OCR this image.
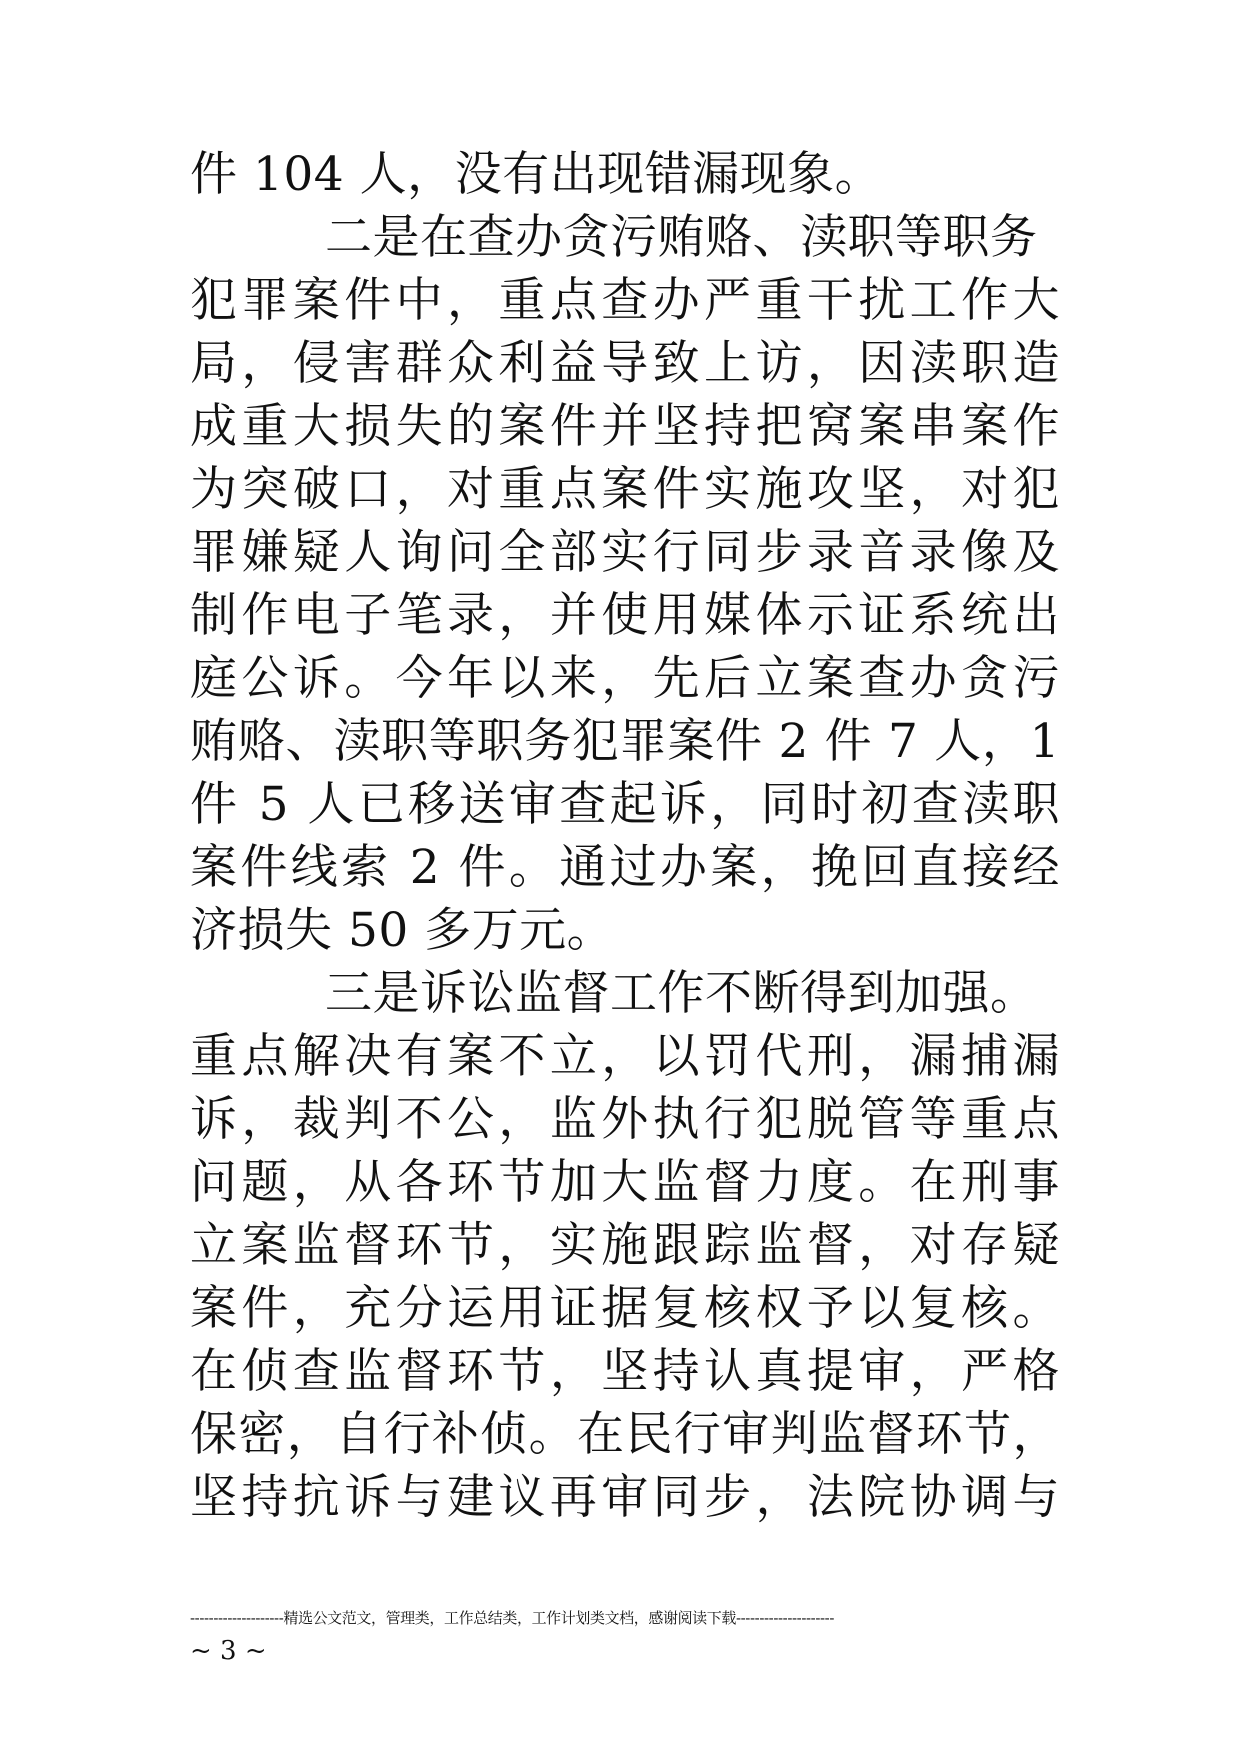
件 104 人，没有出现错漏现象。
二是在查办贪污贿赂、渎职等职务
犯罪案件中，重点查办严重干扰工作大
局，侵害群众利益导致上访，因渎职造
成重大损失的案件并坚持把窝案串案作
为突破口，对重点案件实施攻坚，对犯
罪嫌疑人询问全部实行同步录音录像及
制作电子笔录，并使用媒体示证系统出
庭公诉。今年以来，先后立案查办贪污
贿赂、渎职等职务犯罪案件 2 件 7 人，1
件 5 人已移送审查起诉，同时初查渎职
案件线索 2 件。通过办案，挽回直接经
济损失 50 多万元。
三是诉讼监督工作不断得到加强。
重点解决有案不立，以罚代刑，漏捕漏
诉，裁判不公，监外执行犯脱管等重点
问题，从各环节加大监督力度。在刑事
立案监督环节，实施跟踪监督，对存疑
案件，充分运用证据复核权予以复核。
在侦查监督环节，坚持认真提审，严格
保密，自行补侦。在民行审判监督环节，
坚持抗诉与建议再审同步，法院协调与
--------------------精选公文范文，管理类，工作总结类，工作计划类文档，感谢阅读下载---------------------
~ 3 ~
